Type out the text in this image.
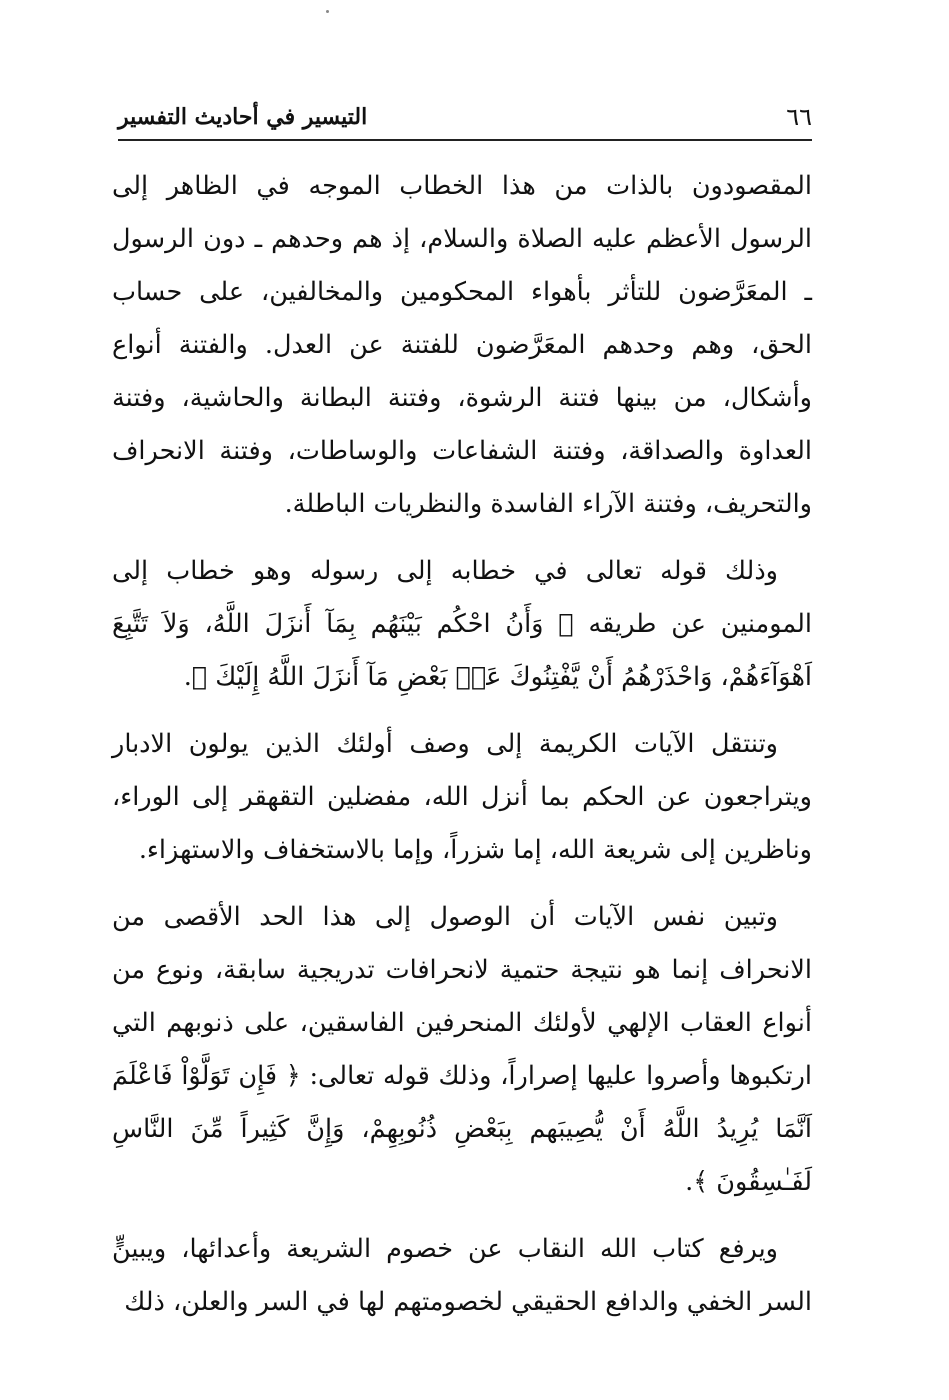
٦٦
التيسير في أحاديث التفسير

المقصودون بالذات من هذا الخطاب الموجه في الظاهر إلى الرسول الأعظم عليه الصلاة والسلام، إذ هم وحدهم ـ دون الرسول ـ المعَرَّضون للتأثر بأهواء المحكومين والمخالفين، على حساب الحق، وهم وحدهم المعَرَّضون للفتنة عن العدل. والفتنة أنواع وأشكال، من بينها فتنة الرشوة، وفتنة البطانة والحاشية، وفتنة العداوة والصداقة، وفتنة الشفاعات والوساطات، وفتنة الانحراف والتحريف، وفتنة الآراء الفاسدة والنظريات الباطلة.

وذلك قوله تعالى في خطابه إلى رسوله وهو خطاب إلى المومنين عن طريقه ﴿ وَأَنُ احْكُم بَيْنَهُم بِمَآ أَنزَلَ اللَّهُ، وَلاَ تَتَّبِعَ اَهْوَآءَهُمْ، وَاحْذَرْهُمُ أَنْ يَّفْتِنُوكَ عَنۢ بَعْضِ مَآ أَنزَلَ اللَّهُ إِلَيْكَ ﴾.

وتنتقل الآيات الكريمة إلى وصف أولئك الذين يولون الادبار ويتراجعون عن الحكم بما أنزل الله، مفضلين التقهقر إلى الوراء، وناظرين إلى شريعة الله، إما شزراً، وإما بالاستخفاف والاستهزاء.

وتبين نفس الآيات أن الوصول إلى هذا الحد الأقصى من الانحراف إنما هو نتيجة حتمية لانحرافات تدريجية سابقة، ونوع من أنواع العقاب الإلهي لأولئك المنحرفين الفاسقين، على ذنوبهم التي ارتكبوها وأصروا عليها إصراراً، وذلك قوله تعالى: ﴿ فَإِن تَوَلَّوْاْ فَاعْلَمَ اَنَّمَا يُرِيدُ اللَّهُ أَنْ يُّصِيبَهم بِبَعْضِ ذُنُوبِهِمْ، وَإِنَّ كَثِيراً مِّنَ النَّاسِ لَفَـٰسِقُونَ ﴾.

ويرفع كتاب الله النقاب عن خصوم الشريعة وأعدائها، ويبينٍّ السر الخفي والدافع الحقيقي لخصومتهم لها في السر والعلن، ذلك
